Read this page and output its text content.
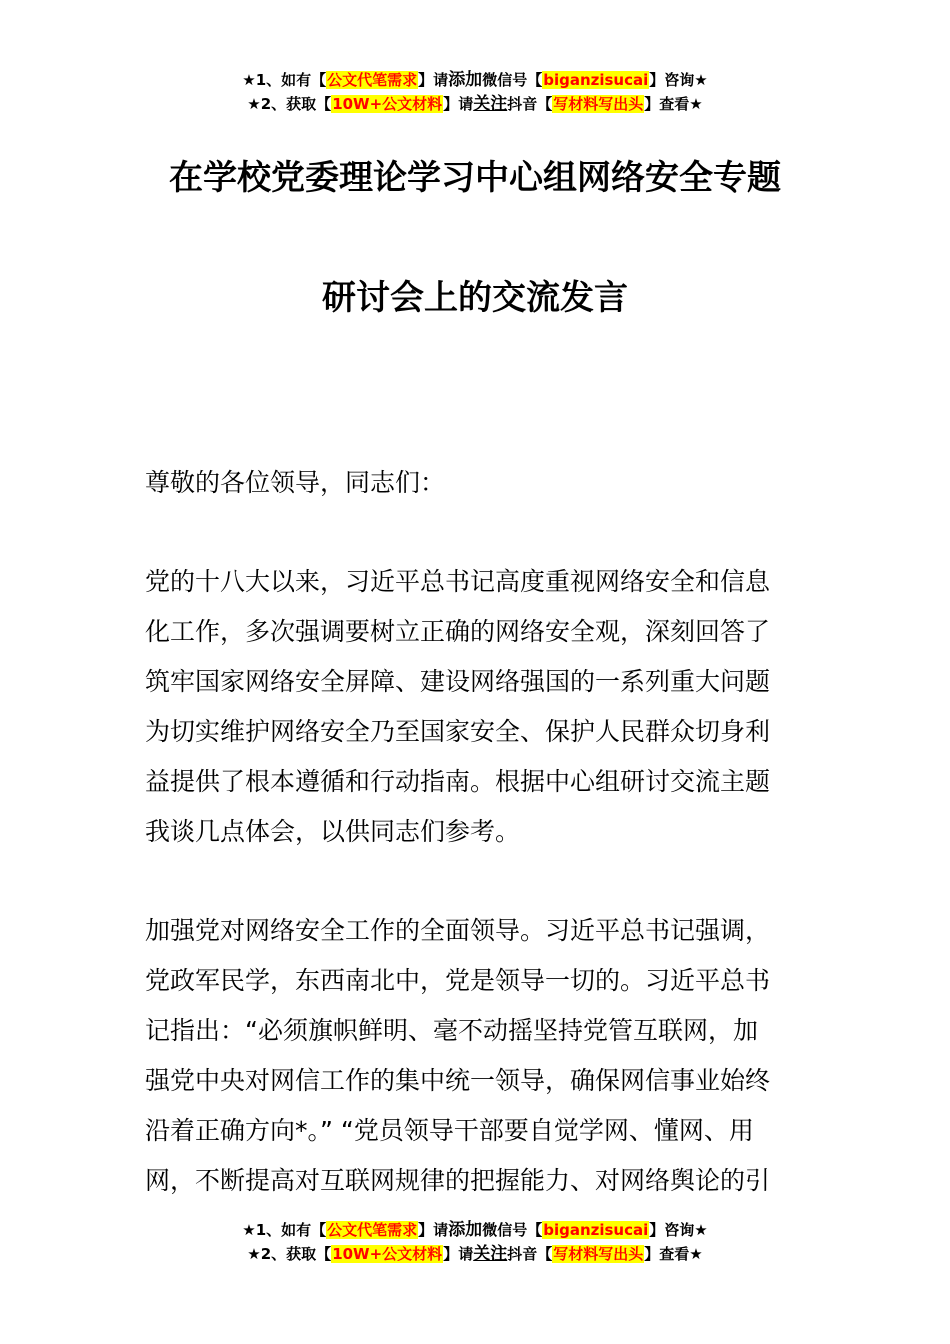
★1、如有【公文代笔需求】请添加微信号【biganzisucai】咨询★
★2、获取【10W+公文材料】请关注抖音【写材料写出头】查看★
在学校党委理论学习中心组网络安全专题
研讨会上的交流发言
尊敬的各位领导，同志们：
党的十八大以来，习近平总书记高度重视网络安全和信息
化工作，多次强调要树立正确的网络安全观，深刻回答了
筑牢国家网络安全屏障、建设网络强国的一系列重大问题
为切实维护网络安全乃至国家安全、保护人民群众切身利
益提供了根本遵循和行动指南。根据中心组研讨交流主题
我谈几点体会，以供同志们参考。
加强党对网络安全工作的全面领导。习近平总书记强调，
党政军民学，东西南北中，党是领导一切的。习近平总书
记指出：“必须旗帜鲜明、毫不动摇坚持党管互联网，加
强党中央对网信工作的集中统一领导，确保网信事业始终
沿着正确方向*。” “党员领导干部要自觉学网、懂网、用
网，不断提高对互联网规律的把握能力、对网络舆论的引
★1、如有【公文代笔需求】请添加微信号【biganzisucai】咨询★
★2、获取【10W+公文材料】请关注抖音【写材料写出头】查看★
